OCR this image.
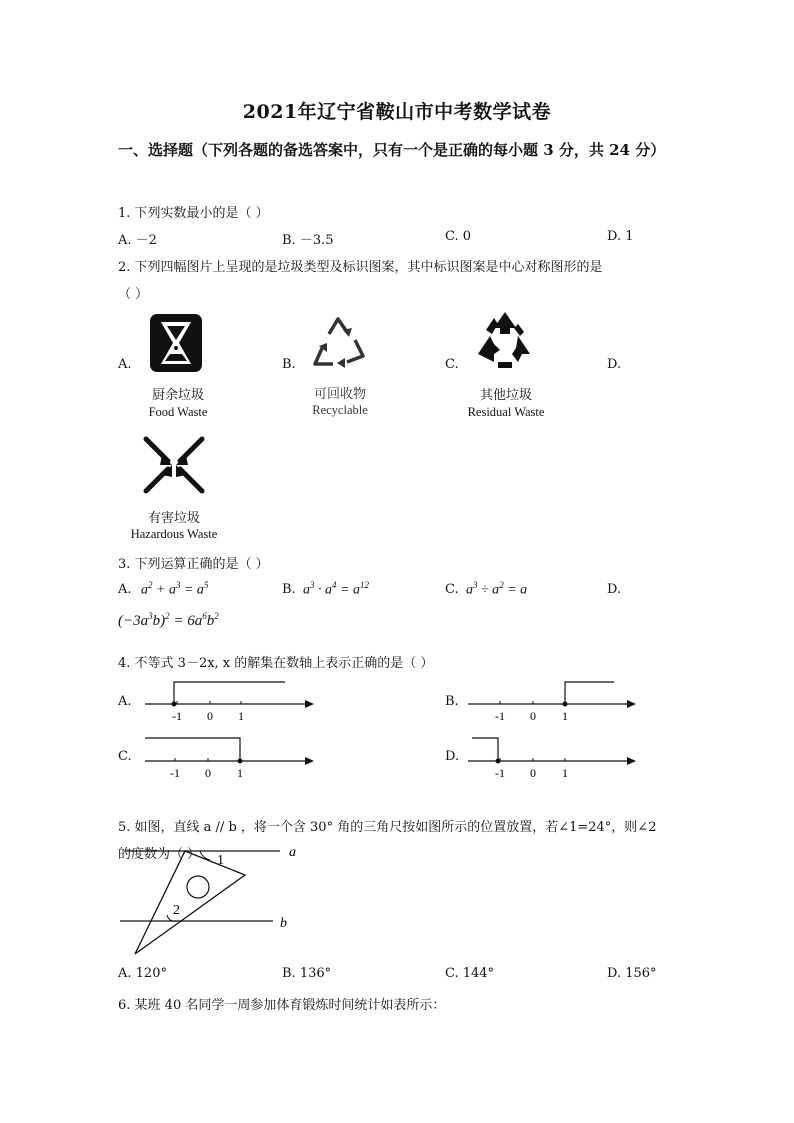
2021年辽宁省鞍山市中考数学试卷
一、选择题（下列各题的备选答案中，只有一个是正确的每小题 3 分，共 24 分）
1. 下列实数最小的是（ ）
A. －2	B. －3.5	C. 0	D. 1
2. 下列四幅图片上呈现的是垃圾类型及标识图案，其中标识图案是中心对称图形的是
（ ）
A.	B.	C.	D.
厨余垃圾
Food Waste
可回收物
Recyclable
其他垃圾
Residual Waste
有害垃圾
Hazardous Waste
3. 下列运算正确的是（ ）
A. $a^2 + a^3 = a^5$	B. $a^3 \cdot a^4 = a^{12}$	C. $a^3 \div a^2 = a$	D.
$(-3a^3b)^2 = 6a^6b^2$
4. 不等式 3－2x, x 的解集在数轴上表示正确的是（ ）
A.	B.
C.	D.
-1 0 1	-1 0 1
-1 0 1	-1 0 1
5. 如图，直线 a // b ，将一个含 30° 角的三角尺按如图所示的位置放置，若∠1=24°，则∠2
的度数为（ ）	a
b
1
2
A. 120°	B. 136°	C. 144°	D. 156°
6. 某班 40 名同学一周参加体育锻炼时间统计如表所示：
